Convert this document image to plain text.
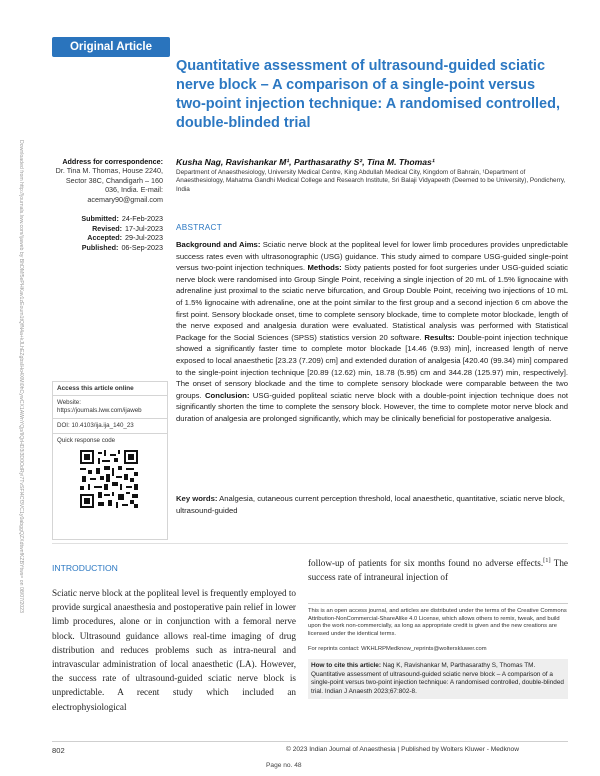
Original Article
Quantitative assessment of ultrasound-guided sciatic nerve block – A comparison of a single-point versus two-point injection technique: A randomised controlled, double-blinded trial
Downloaded from http://journals.lww.com/ijaweb by BhDMf5ePHKav1zEoum1tQfN4a+kJLhEZgbsIHo4XMi0hCywCX1AWnYQp/IlQrHD3i3D0OdRyi7TvSFl4Cf3VC1y0abggQZXdtwnfKZBYtws= on 08/07/2023	Address for correspondence:
Dr. Tina M. Thomas, House 2240, Sector 38C, Chandigarh – 160 036, India. E-mail: acemary90@gmail.com
Submitted: 24-Feb-2023
Revised: 17-Jul-2023
Accepted: 29-Jul-2023
Published: 06-Sep-2023
Kusha Nag, Ravishankar M¹, Parthasarathy S², Tina M. Thomas¹
Department of Anaesthesiology, University Medical Centre, King Abdullah Medical City, Kingdom of Bahrain, ¹Department of Anaesthesiology, Mahatma Gandhi Medical College and Research Institute, Sri Balaji Vidyapeeth (Deemed to be University), Pondicherry, India
ABSTRACT
Background and Aims: Sciatic nerve block at the popliteal level for lower limb procedures provides unpredictable success rates even with ultrasonographic (USG) guidance. This study aimed to compare USG-guided single-point versus two-point injection techniques. Methods: Sixty patients posted for foot surgeries under USG-guided sciatic nerve block were randomised into Group Single Point, receiving a single injection of 20 mL of 1.5% lignocaine with adrenaline just proximal to the sciatic nerve bifurcation, and Group Double Point, receiving two injections of 10 mL of 1.5% lignocaine with adrenaline, one at the point similar to the first group and a second injection 6 cm above the first point. Sensory blockade onset, time to complete sensory blockade, time to complete motor blockade, length of the nerve exposed and analgesia duration were evaluated. Statistical analysis was performed with Statistical Package for the Social Sciences (SPSS) statistics version 20 software. Results: Double-point injection technique showed a significantly faster time to complete motor blockade [14.46 (9.93) min], increased length of nerve exposed to local anaesthetic [23.23 (7.209) cm] and extended duration of analgesia [420.40 (99.34) min] compared to the single-point injection technique [20.89 (12.62) min, 18.78 (5.95) cm and 344.28 (125.97) min, respectively]. The onset of sensory blockade and the time to complete sensory blockade were comparable between the two groups. Conclusion: USG-guided popliteal sciatic nerve block with a double-point injection technique does not significantly shorten the time to complete the sensory block. However, the time to complete motor nerve block and duration of analgesia are prolonged significantly, which may be clinically beneficial for postoperative analgesia.
Key words: Analgesia, cutaneous current perception threshold, local anaesthetic, quantitative, sciatic nerve block, ultrasound-guided
Access this article online
Website: https://journals.lww.com/ijaweb
DOI: 10.4103/ija.ija_140_23
Quick response code
INTRODUCTION
Sciatic nerve block at the popliteal level is frequently employed to provide surgical anaesthesia and postoperative pain relief in lower limb procedures, alone or in conjunction with a femoral nerve block. Ultrasound guidance allows real-time imaging of drug distribution and reduces problems such as intra-neural and intravascular administration of local anaesthetic (LA). However, the success rate of ultrasound-guided sciatic nerve block is unpredictable. A recent study which included an electrophysiological
follow-up of patients for six months found no adverse effects.[1] The success rate of intraneural injection of
This is an open access journal, and articles are distributed under the terms of the Creative Commons Attribution-NonCommercial-ShareAlike 4.0 License, which allows others to remix, tweak, and build upon the work non-commercially, as long as appropriate credit is given and the new creations are licensed under the identical terms.
For reprints contact: WKHLRPMedknow_reprints@wolterskluwer.com
How to cite this article: Nag K, Ravishankar M, Parthasarathy S, Thomas TM. Quantitative assessment of ultrasound-guided sciatic nerve block – A comparison of a single-point versus two-point injection technique: A randomised controlled, double-blinded trial. Indian J Anaesth 2023;67:802-8.
802	© 2023 Indian Journal of Anaesthesia | Published by Wolters Kluwer - Medknow
Page no. 48
